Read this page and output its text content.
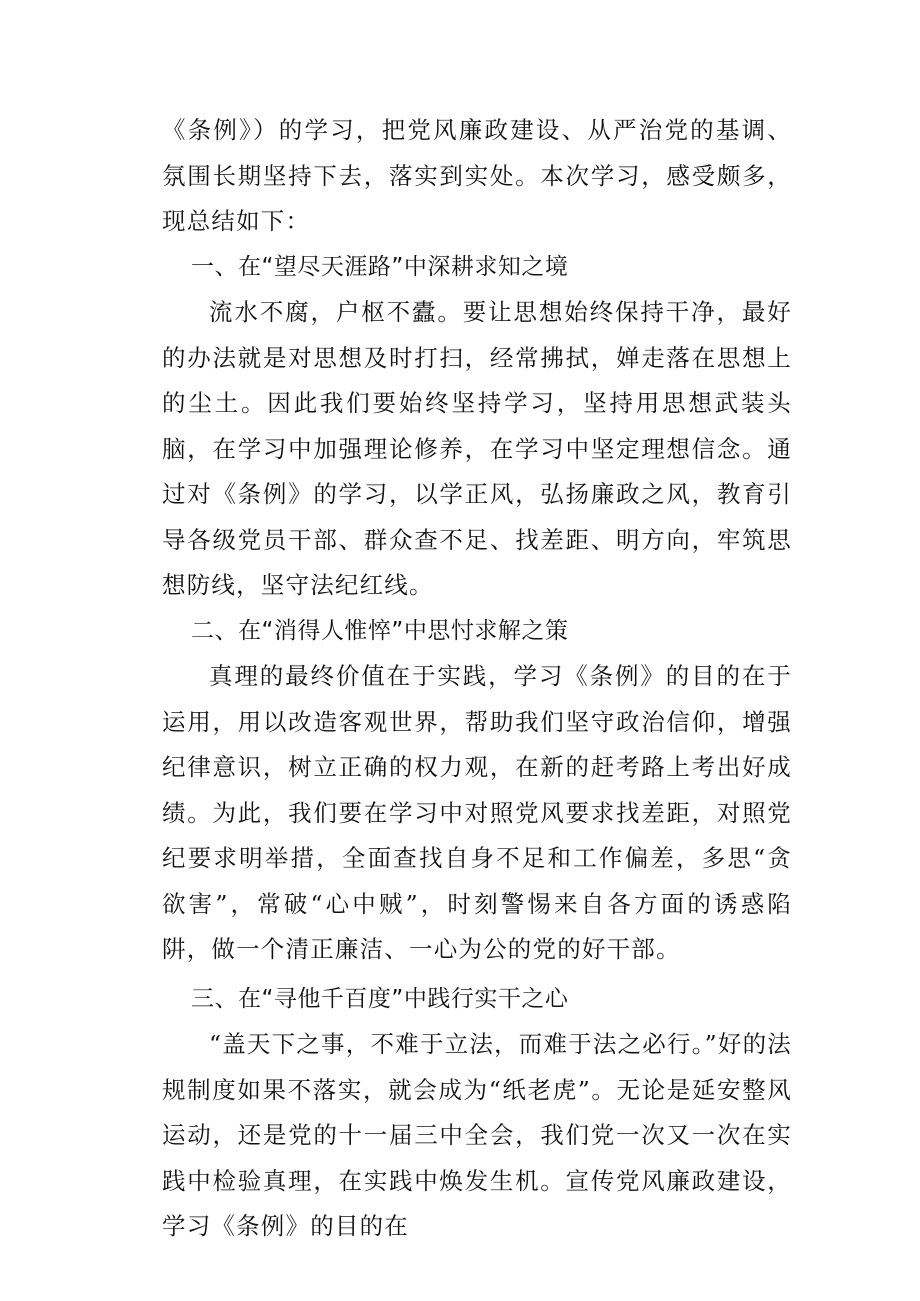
《条例》）的学习，把党风廉政建设、从严治党的基调、氛围长期坚持下去，落实到实处。本次学习，感受颇多，现总结如下：

一、在“望尽天涯路”中深耕求知之境

流水不腐，户枢不蠹。要让思想始终保持干净，最好的办法就是对思想及时打扫，经常拂拭，婵走落在思想上的尘土。因此我们要始终坚持学习，坚持用思想武装头脑，在学习中加强理论修养，在学习中坚定理想信念。通过对《条例》的学习，以学正风，弘扬廉政之风，教育引导各级党员干部、群众查不足、找差距、明方向，牢筑思想防线，坚守法纪红线。

二、在“消得人惟悴”中思忖求解之策

真理的最终价值在于实践，学习《条例》的目的在于运用，用以改造客观世界，帮助我们坚守政治信仰，增强纪律意识，树立正确的权力观，在新的赶考路上考出好成绩。为此，我们要在学习中对照党风要求找差距，对照党纪要求明举措，全面查找自身不足和工作偏差，多思“贪欲害”，常破“心中贼”，时刻警惕来自各方面的诱惑陷阱，做一个清正廉洁、一心为公的党的好干部。

三、在“寻他千百度”中践行实干之心

“盖天下之事，不难于立法，而难于法之必行。”好的法规制度如果不落实，就会成为“纸老虎”。无论是延安整风运动，还是党的十一届三中全会，我们党一次又一次在实践中检验真理，在实践中焕发生机。宣传党风廉政建设，学习《条例》的目的在
